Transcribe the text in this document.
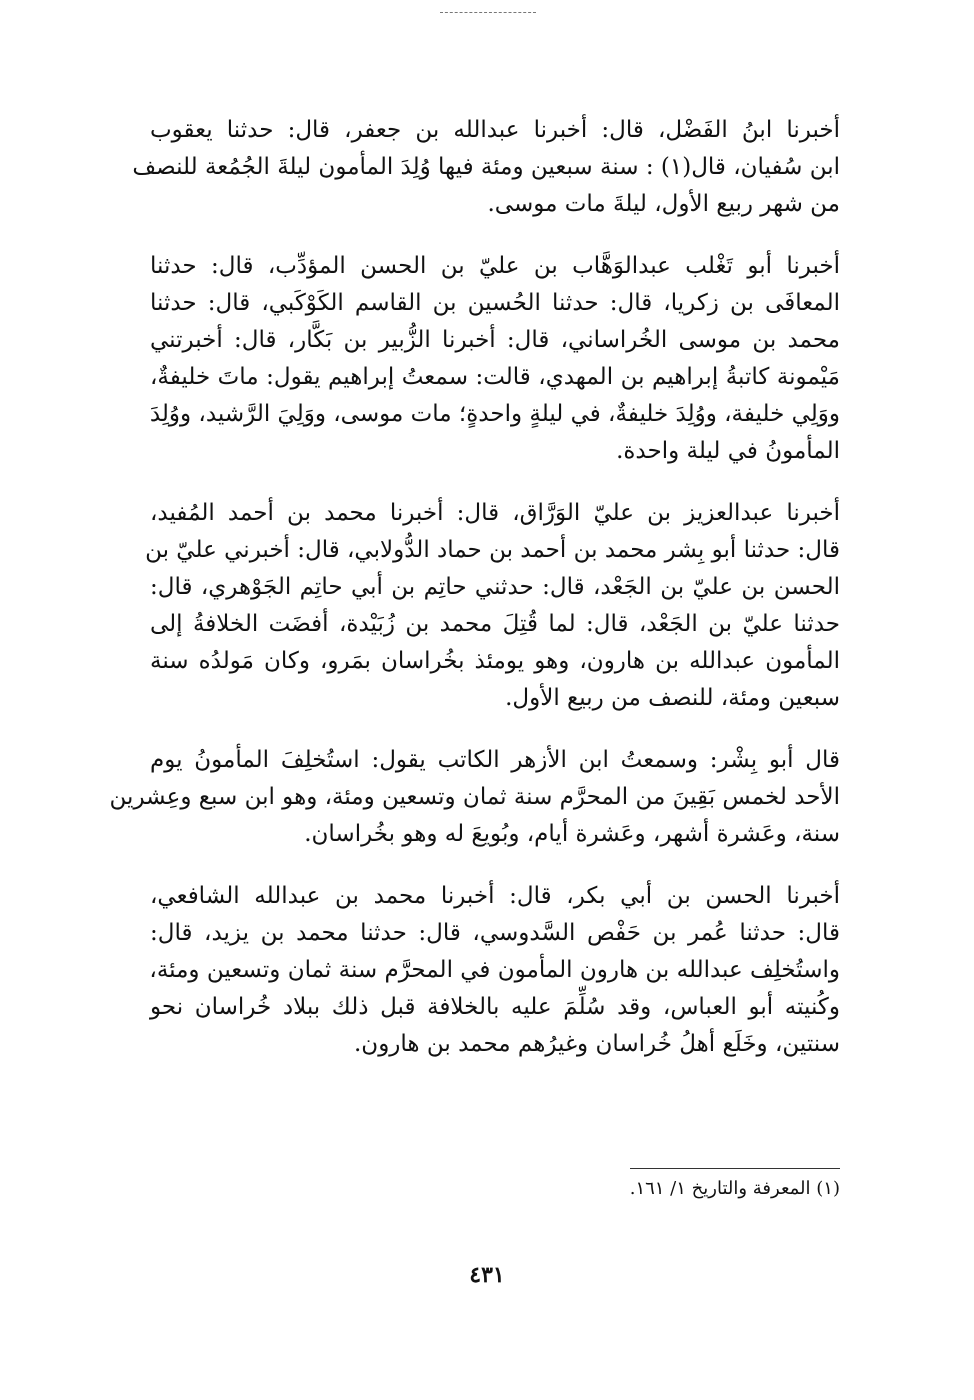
أخبرنا ابنُ الفَضْل، قال: أخبرنا عبدالله بن جعفر، قال: حدثنا يعقوب
ابن سُفيان، قال(١) : سنة سبعين ومئة فيها وُلِدَ المأمون ليلةَ الجُمُعة للنصف
من شهر ربيع الأول، ليلةَ مات موسى.

أخبرنا أبو تَغْلب عبدالوَهَّاب بن عليّ بن الحسن المؤدِّب، قال: حدثنا
المعافَى بن زكريا، قال: حدثنا الحُسين بن القاسم الكَوْكَبي، قال: حدثنا
محمد بن موسى الخُراساني، قال: أخبرنا الزُّبير بن بَكَّار، قال: أخبرتني
مَيْمونة كاتبةُ إبراهيم بن المهدي، قالت: سمعتُ إبراهيم يقول: ماتَ خليفةٌ،
ووَلِي خليفة، ووُلِدَ خليفةٌ، في ليلةٍ واحدةٍ؛ مات موسى، ووَلِيَ الرَّشيد، ووُلِدَ
المأمونُ في ليلة واحدة.

أخبرنا عبدالعزيز بن عليّ الوَرَّاق، قال: أخبرنا محمد بن أحمد المُفيد،
قال: حدثنا أبو بِشر محمد بن أحمد بن حماد الدُّولابي، قال: أخبرني عليّ بن
الحسن بن عليّ بن الجَعْد، قال: حدثني حاتِم بن أبي حاتِم الجَوْهري، قال:
حدثنا عليّ بن الجَعْد، قال: لما قُتِلَ محمد بن زُبَيْدة، أفضَت الخلافةُ إلى
المأمون عبدالله بن هارون، وهو يومئذ بخُراسان بمَرو، وكان مَولدُه سنة
سبعين ومئة، للنصف من ربيع الأول.

قال أبو بِشْر: وسمعتُ ابن الأزهر الكاتب يقول: استُخلِفَ المأمونُ يوم
الأحد لخمس بَقِينَ من المحرَّم سنة ثمان وتسعين ومئة، وهو ابن سبع وعِشرين
سنة، وعَشرة أشهر، وعَشرة أيام، وبُويعَ له وهو بخُراسان.

أخبرنا الحسن بن أبي بكر، قال: أخبرنا محمد بن عبدالله الشافعي،
قال: حدثنا عُمر بن حَفْص السَّدوسي، قال: حدثنا محمد بن يزيد، قال:
واستُخلِف عبدالله بن هارون المأمون في المحرَّم سنة ثمان وتسعين ومئة،
وكُنيته أبو العباس، وقد سُلِّمَ عليه بالخلافة قبل ذلك ببلاد خُراسان نحو
سنتين، وخَلَع أهلُ خُراسان وغيرُهم محمد بن هارون.

(١) المعرفة والتاريخ ١/ ١٦١.
٤٣١
